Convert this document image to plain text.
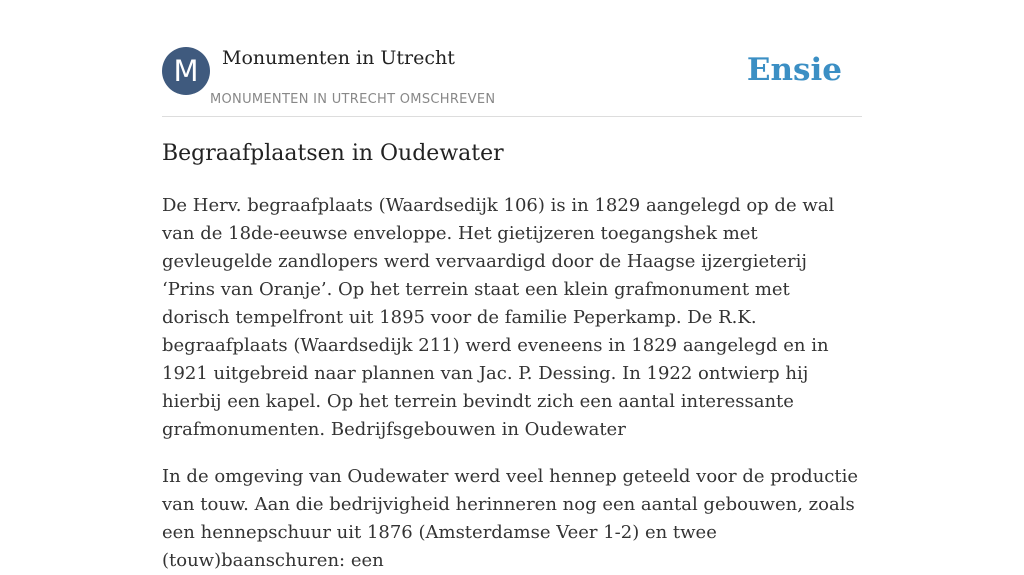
M	Monumenten in Utrecht
MONUMENTEN IN UTRECHT OMSCHREVEN
Ensie
Begraafplaatsen in Oudewater

De Herv. begraafplaats (Waardsedijk 106) is in 1829 aangelegd op de wal van de 18de-eeuwse enveloppe. Het gietijzeren toegangshek met gevleugelde zandlopers werd vervaardigd door de Haagse ijzergieterij ‘Prins van Oranje’. Op het terrein staat een klein grafmonument met dorisch tempelfront uit 1895 voor de familie Peperkamp. De R.K. begraafplaats (Waardsedijk 211) werd eveneens in 1829 aangelegd en in 1921 uitgebreid naar plannen van Jac. P. Dessing. In 1922 ontwierp hij hierbij een kapel. Op het terrein bevindt zich een aantal interessante grafmonumenten. Bedrijfsgebouwen in Oudewater

In de omgeving van Oudewater werd veel hennep geteeld voor de productie van touw. Aan die bedrijvigheid herinneren nog een aantal gebouwen, zoals een hennepschuur uit 1876 (Amsterdamse Veer 1-2) en twee (touw)baanschuren: een
